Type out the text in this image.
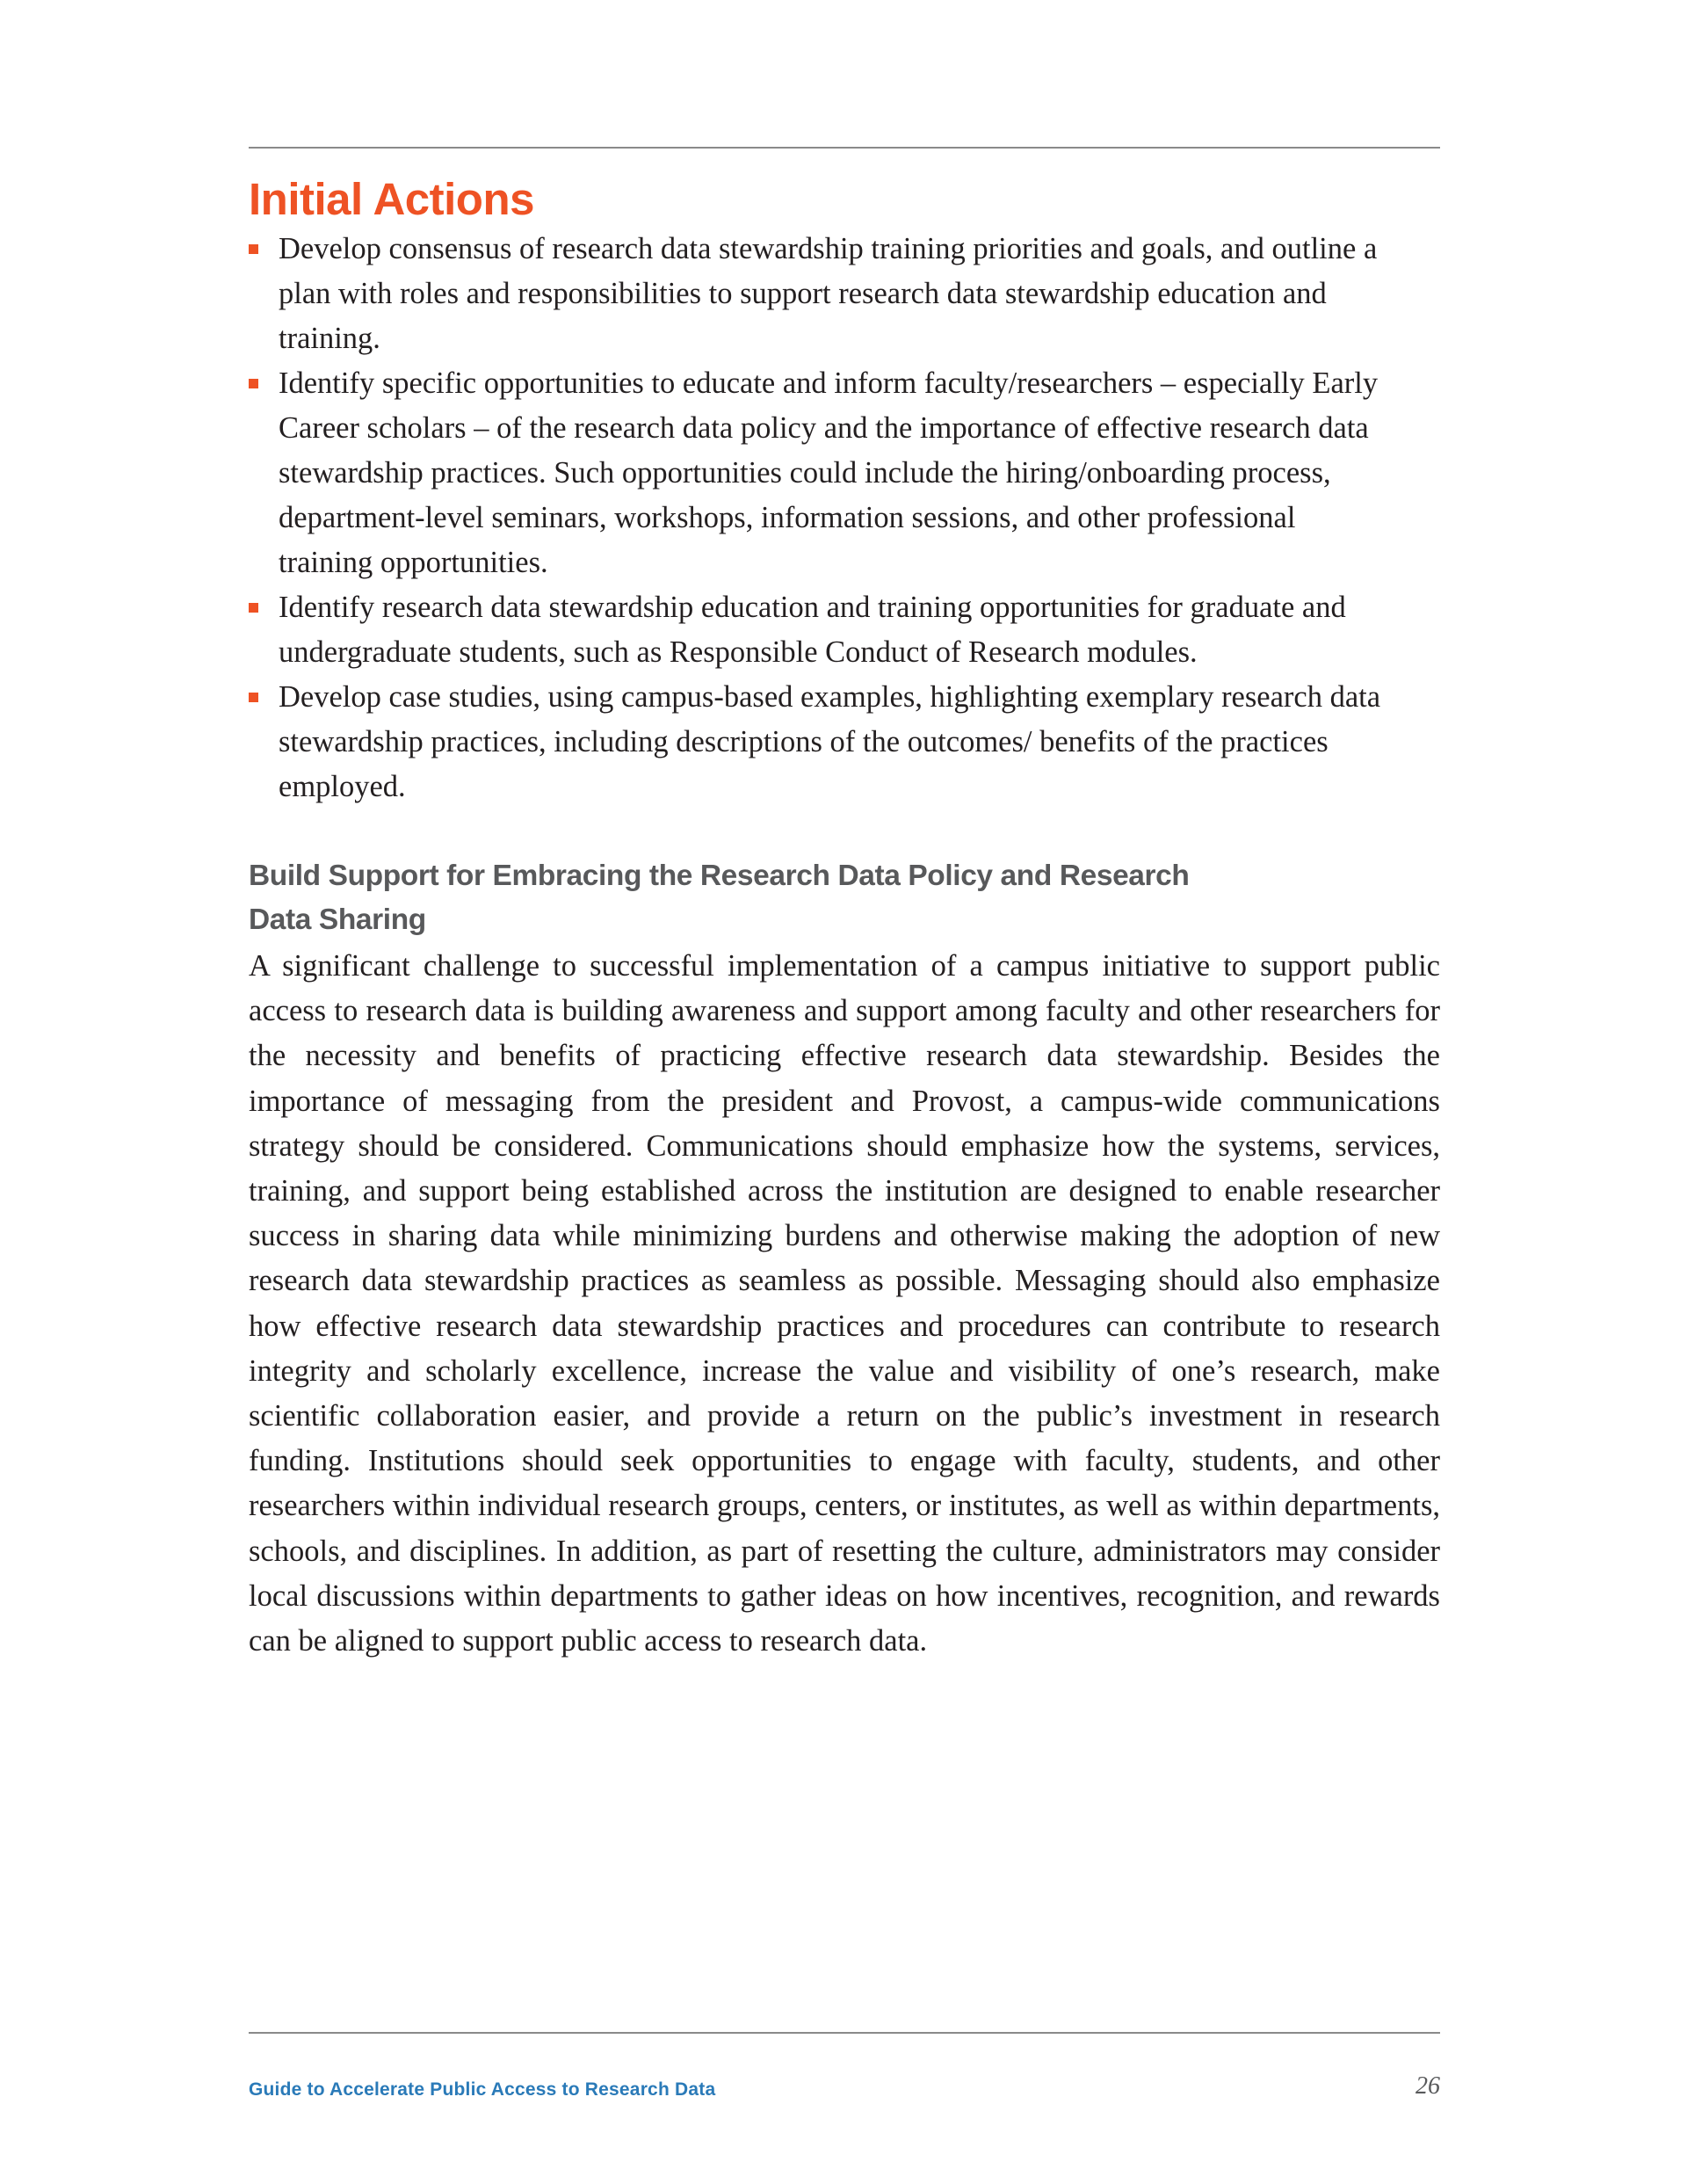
Initial Actions
Develop consensus of research data stewardship training priorities and goals, and outline a plan with roles and responsibilities to support research data stewardship education and training.
Identify specific opportunities to educate and inform faculty/researchers – especially Early Career scholars – of the research data policy and the importance of effective research data stewardship practices. Such opportunities could include the hiring/onboarding process, department-level seminars, workshops, information sessions, and other professional training opportunities.
Identify research data stewardship education and training opportunities for graduate and undergraduate students, such as Responsible Conduct of Research modules.
Develop case studies, using campus-based examples, highlighting exemplary research data stewardship practices, including descriptions of the outcomes/ benefits of the practices employed.
Build Support for Embracing the Research Data Policy and Research Data Sharing

A significant challenge to successful implementation of a campus initiative to support public access to research data is building awareness and support among faculty and other researchers for the necessity and benefits of practicing effective research data stewardship. Besides the importance of messaging from the president and Provost, a campus-wide communications strategy should be considered. Communications should emphasize how the systems, services, training, and support being established across the institution are designed to enable researcher success in sharing data while minimizing burdens and otherwise making the adoption of new research data stewardship practices as seamless as possible. Messaging should also emphasize how effective research data stewardship practices and procedures can contribute to research integrity and scholarly excellence, increase the value and visibility of one’s research, make scientific collaboration easier, and provide a return on the public’s investment in research funding. Institutions should seek opportunities to engage with faculty, students, and other researchers within individual research groups, centers, or institutes, as well as within departments, schools, and disciplines. In addition, as part of resetting the culture, administrators may consider local discussions within departments to gather ideas on how incentives, recognition, and rewards can be aligned to support public access to research data.

Guide to Accelerate Public Access to Research Data	26
